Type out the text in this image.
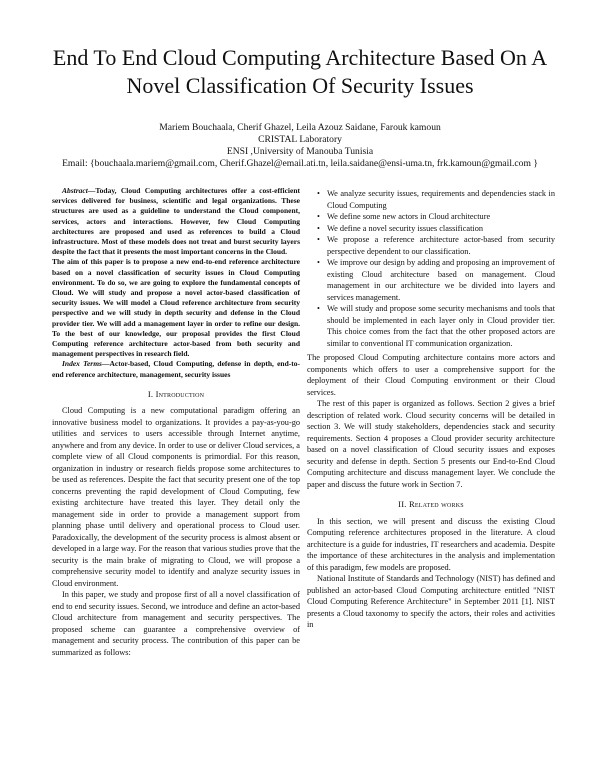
End To End Cloud Computing Architecture Based On A Novel Classification Of Security Issues
Mariem Bouchaala, Cherif Ghazel, Leila Azouz Saidane, Farouk kamoun
CRISTAL Laboratory
ENSI ,University of Manouba Tunisia
Email: {bouchaala.mariem@gmail.com, Cherif.Ghazel@email.ati.tn, leila.saidane@ensi-uma.tn, frk.kamoun@gmail.com }

Abstract—Today, Cloud Computing architectures offer a cost-efficient services delivered for business, scientific and legal organizations. These structures are used as a guideline to understand the Cloud component, services, actors and interactions. However, few Cloud Computing architectures are proposed and used as references to build a Cloud infrastructure. Most of these models does not treat and burst security layers despite the fact that it presents the most important concerns in the Cloud.

The aim of this paper is to propose a new end-to-end reference architecture based on a novel classification of security issues in Cloud Computing environment. To do so, we are going to explore the fundamental concepts of Cloud. We will study and propose a novel actor-based classification of security issues. We will model a Cloud reference architecture from security perspective and we will study in depth security and defense in the Cloud provider tier. We will add a management layer in order to refine our design. To the best of our knowledge, our proposal provides the first Cloud Computing reference architecture actor-based from both security and management perspectives in research field.

Index Terms—Actor-based, Cloud Computing, defense in depth, end-to-end reference architecture, management, security issues

I. Introduction

Cloud Computing is a new computational paradigm offering an innovative business model to organizations. It provides a pay-as-you-go utilities and services to users accessible through Internet anytime, anywhere and from any device. In order to use or deliver Cloud services, a complete view of all Cloud components is primordial. For this reason, organization in industry or research fields propose some architectures to be used as references. Despite the fact that security present one of the top concerns preventing the rapid development of Cloud Computing, few existing architecture have treated this layer. They detail only the management side in order to provide a management support from planning phase until delivery and operational process to Cloud user. Paradoxically, the development of the security process is almost absent or developed in a large way. For the reason that various studies prove that the security is the main brake of migrating to Cloud, we will propose a comprehensive security model to identify and analyze security issues in Cloud environment.

In this paper, we study and propose first of all a novel classification of end to end security issues. Second, we introduce and define an actor-based Cloud architecture from management and security perspectives. The proposed scheme can guarantee a comprehensive overview of management and security process. The contribution of this paper can be summarized as follows:

• We analyze security issues, requirements and dependencies stack in Cloud Computing
• We define some new actors in Cloud architecture
• We define a novel security issues classification
• We propose a reference architecture actor-based from security perspective dependent to our classification.
• We improve our design by adding and proposing an improvement of existing Cloud architecture based on management. Cloud management in our architecture we be divided into layers and services management.
• We will study and propose some security mechanisms and tools that should be implemented in each layer only in Cloud provider tier. This choice comes from the fact that the other proposed actors are similar to conventional IT communication organization.

The proposed Cloud Computing architecture contains more actors and components which offers to user a comprehensive support for the deployment of their Cloud Computing environment or their Cloud services.

The rest of this paper is organized as follows. Section 2 gives a brief description of related work. Cloud security concerns will be detailed in section 3. We will study stakeholders, dependencies stack and security requirements. Section 4 proposes a Cloud provider security architecture based on a novel classification of Cloud security issues and exposes security and defense in depth. Section 5 presents our End-to-End Cloud Computing architecture and discuss management layer. We conclude the paper and discuss the future work in Section 7.

II. Related works

In this section, we will present and discuss the existing Cloud Computing reference architectures proposed in the literature. A cloud architecture is a guide for industries, IT researchers and academia. Despite the importance of these architectures in the analysis and implementation of this paradigm, few models are proposed.

National Institute of Standards and Technology (NIST) has defined and published an actor-based Cloud Computing architecture entitled "NIST Cloud Computing Reference Architecture" in September 2011 [1]. NIST presents a Cloud taxonomy to specify the actors, their roles and activities in
